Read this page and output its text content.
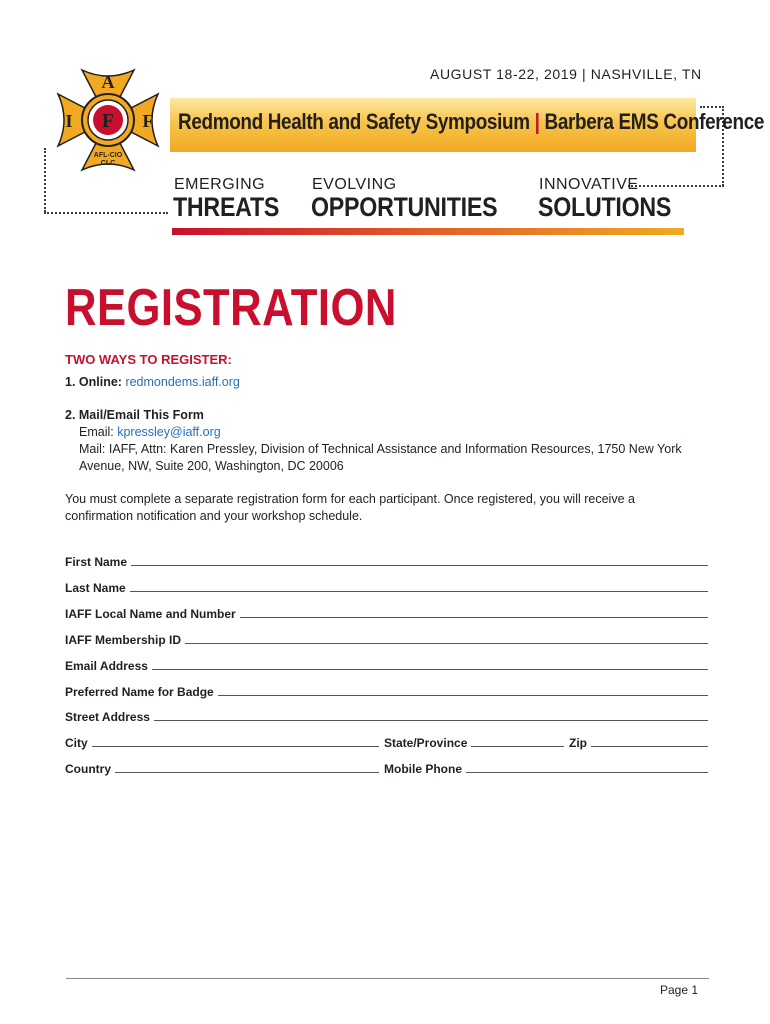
F
A
I	F
AFL-CIO
CLC
AUGUST 18-22, 2019 | NASHVILLE, TN
Redmond Health and Safety Symposium | Barbera EMS Conference
EMERGING
THREATS
EVOLVING
OPPORTUNITIES
INNOVATIVE
SOLUTIONS
REGISTRATION
TWO WAYS TO REGISTER:
1. Online: redmondems.iaff.org
2. Mail/Email This Form
Email: kpressley@iaff.org
Mail: IAFF, Attn: Karen Pressley, Division of Technical Assistance and Information Resources, 1750 New York Avenue, NW, Suite 200, Washington, DC 20006
You must complete a separate registration form for each participant. Once registered, you will receive a confirmation notification and your workshop schedule.
First Name
Last Name
IAFF Local Name and Number
IAFF Membership ID
Email Address
Preferred Name for Badge
Street Address
City	State/Province	Zip
Country	Mobile Phone
Page 1
